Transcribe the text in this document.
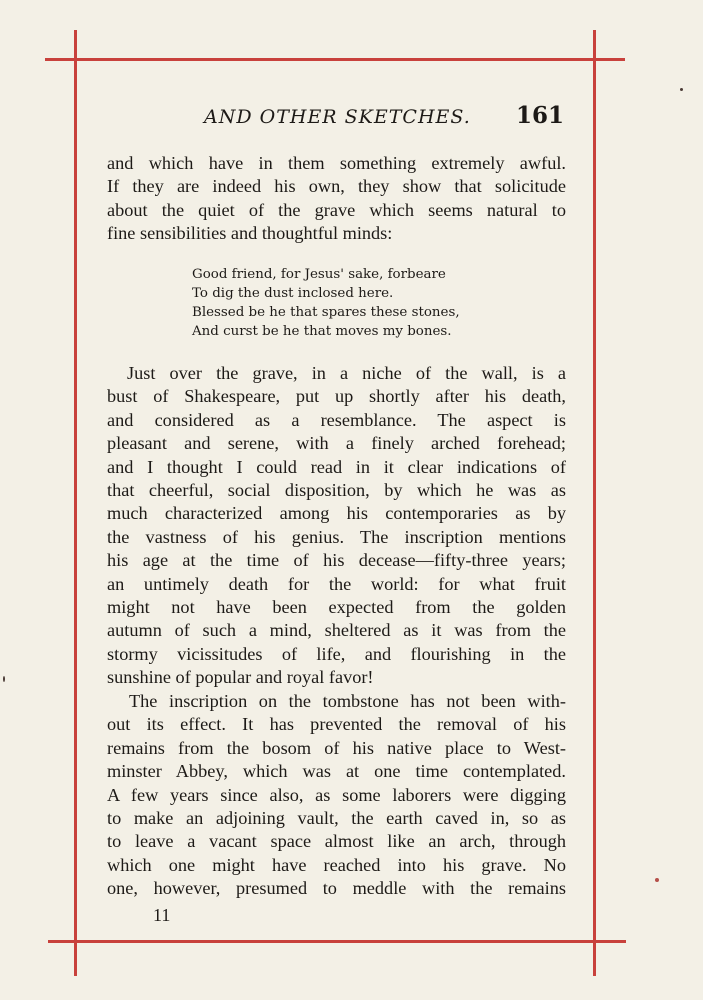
AND OTHER SKETCHES. 161
and which have in them something extremely awful.
If they are indeed his own, they show that solicitude
about the quiet of the grave which seems natural to
fine sensibilities and thoughtful minds:
Good friend, for Jesus' sake, forbeare
To dig the dust inclosed here.
Blessed be he that spares these stones,
And curst be he that moves my bones.
Just over the grave, in a niche of the wall, is a
bust of Shakespeare, put up shortly after his death,
and considered as a resemblance. The aspect is
pleasant and serene, with a finely arched forehead;
and I thought I could read in it clear indications of
that cheerful, social disposition, by which he was as
much characterized among his contemporaries as by
the vastness of his genius. The inscription mentions
his age at the time of his decease—fifty-three years;
an untimely death for the world: for what fruit
might not have been expected from the golden
autumn of such a mind, sheltered as it was from the
stormy vicissitudes of life, and flourishing in the
sunshine of popular and royal favor!
The inscription on the tombstone has not been with-
out its effect. It has prevented the removal of his
remains from the bosom of his native place to West-
minster Abbey, which was at one time contemplated.
A few years since also, as some laborers were digging
to make an adjoining vault, the earth caved in, so as
to leave a vacant space almost like an arch, through
which one might have reached into his grave. No
one, however, presumed to meddle with the remains
11
